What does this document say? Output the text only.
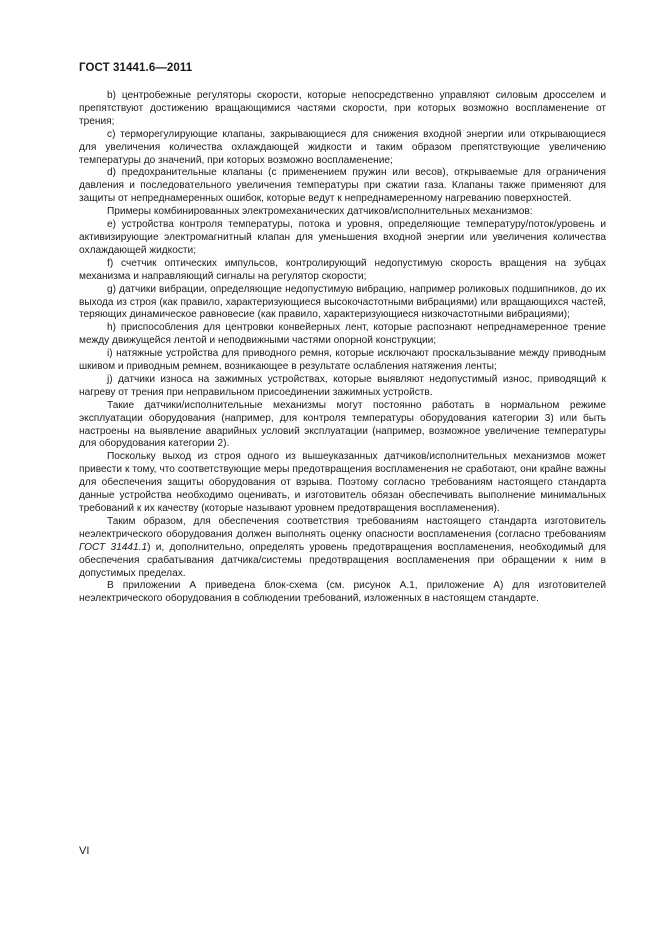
ГОСТ 31441.6—2011

b) центробежные регуляторы скорости, которые непосредственно управляют силовым дросселем и препятствуют достижению вращающимися частями скорости, при которых возможно воспламенение от трения;

c) терморегулирующие клапаны, закрывающиеся для снижения входной энергии или открывающиеся для увеличения количества охлаждающей жидкости и таким образом препятствующие увеличению температуры до значений, при которых возможно воспламенение;

d) предохранительные клапаны (с применением пружин или весов), открываемые для ограничения давления и последовательного увеличения температуры при сжатии газа. Клапаны также применяют для защиты от непреднамеренных ошибок, которые ведут к непреднамеренному нагреванию поверхностей.

Примеры комбинированных электромеханических датчиков/исполнительных механизмов:

e) устройства контроля температуры, потока и уровня, определяющие температуру/поток/уровень и активизирующие электромагнитный клапан для уменьшения входной энергии или увеличения количества охлаждающей жидкости;

f) счетчик оптических импульсов, контролирующий недопустимую скорость вращения на зубцах механизма и направляющий сигналы на регулятор скорости;

g) датчики вибрации, определяющие недопустимую вибрацию, например роликовых подшипников, до их выхода из строя (как правило, характеризующиеся высокочастотными вибрациями) или вращающихся частей, теряющих динамическое равновесие (как правило, характеризующиеся низкочастотными вибрациями);

h) приспособления для центровки конвейерных лент, которые распознают непреднамеренное трение между движущейся лентой и неподвижными частями опорной конструкции;

i) натяжные устройства для приводного ремня, которые исключают проскальзывание между приводным шкивом и приводным ремнем, возникающее в результате ослабления натяжения ленты;

j) датчики износа на зажимных устройствах, которые выявляют недопустимый износ, приводящий к нагреву от трения при неправильном присоединении зажимных устройств.

Такие датчики/исполнительные механизмы могут постоянно работать в нормальном режиме эксплуатации оборудования (например, для контроля температуры оборудования категории 3) или быть настроены на выявление аварийных условий эксплуатации (например, возможное увеличение температуры для оборудования категории 2).

Поскольку выход из строя одного из вышеуказанных датчиков/исполнительных механизмов может привести к тому, что соответствующие меры предотвращения воспламенения не сработают, они крайне важны для обеспечения защиты оборудования от взрыва. Поэтому согласно требованиям настоящего стандарта данные устройства необходимо оценивать, и изготовитель обязан обеспечивать выполнение минимальных требований к их качеству (которые называют уровнем предотвращения воспламенения).

Таким образом, для обеспечения соответствия требованиям настоящего стандарта изготовитель неэлектрического оборудования должен выполнять оценку опасности воспламенения (согласно требованиям ГОСТ 31441.1) и, дополнительно, определять уровень предотвращения воспламенения, необходимый для обеспечения срабатывания датчика/системы предотвращения воспламенения при обращении к ним в допустимых пределах.

В приложении А приведена блок-схема (см. рисунок А.1, приложение А) для изготовителей неэлектрического оборудования в соблюдении требований, изложенных в настоящем стандарте.

VI
